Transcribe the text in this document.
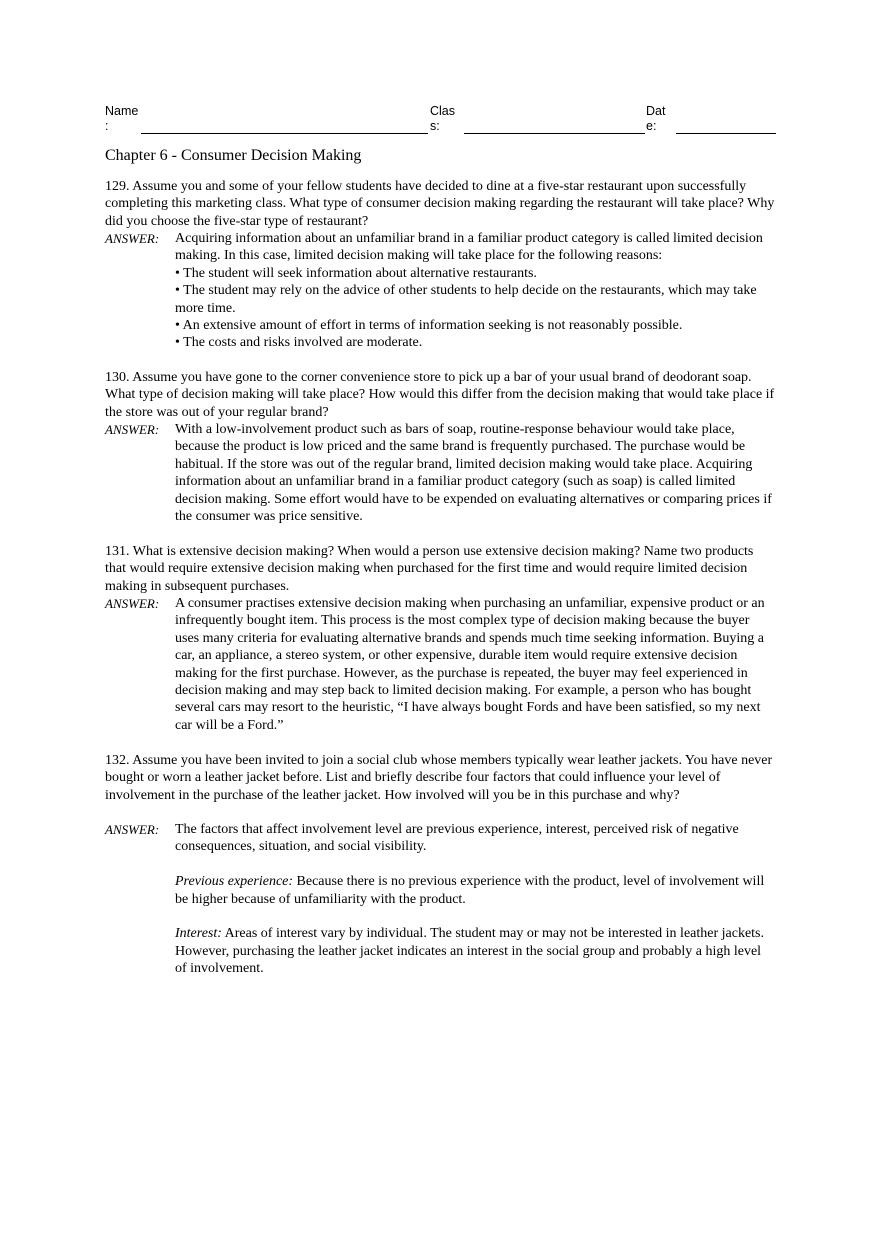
Name
:
Clas
s:
Dat
e:
Chapter 6 - Consumer Decision Making
129. Assume you and some of your fellow students have decided to dine at a five-star restaurant upon successfully completing this marketing class. What type of consumer decision making regarding the restaurant will take place? Why did you choose the five-star type of restaurant?
ANSWER: Acquiring information about an unfamiliar brand in a familiar product category is called limited decision making. In this case, limited decision making will take place for the following reasons:

• The student will seek information about alternative restaurants.
• The student may rely on the advice of other students to help decide on the restaurants, which may take more time.
• An extensive amount of effort in terms of information seeking is not reasonably possible.
• The costs and risks involved are moderate.
130. Assume you have gone to the corner convenience store to pick up a bar of your usual brand of deodorant soap. What type of decision making will take place? How would this differ from the decision making that would take place if the store was out of your regular brand?
ANSWER: With a low-involvement product such as bars of soap, routine-response behaviour would take place, because the product is low priced and the same brand is frequently purchased. The purchase would be habitual. If the store was out of the regular brand, limited decision making would take place. Acquiring information about an unfamiliar brand in a familiar product category (such as soap) is called limited decision making. Some effort would have to be expended on evaluating alternatives or comparing prices if the consumer was price sensitive.

131. What is extensive decision making? When would a person use extensive decision making? Name two products that would require extensive decision making when purchased for the first time and would require limited decision making in subsequent purchases.
ANSWER: A consumer practises extensive decision making when purchasing an unfamiliar, expensive product or an infrequently bought item. This process is the most complex type of decision making because the buyer uses many criteria for evaluating alternative brands and spends much time seeking information. Buying a car, an appliance, a stereo system, or other expensive, durable item would require extensive decision making for the first purchase. However, as the purchase is repeated, the buyer may feel experienced in decision making and may step back to limited decision making. For example, a person who has bought several cars may resort to the heuristic, “I have always bought Fords and have been satisfied, so my next car will be a Ford.”

132. Assume you have been invited to join a social club whose members typically wear leather jackets. You have never bought or worn a leather jacket before. List and briefly describe four factors that could influence your level of involvement in the purchase of the leather jacket. How involved will you be in this purchase and why?
ANSWER: The factors that affect involvement level are previous experience, interest, perceived risk of negative consequences, situation, and social visibility.

Previous experience: Because there is no previous experience with the product, level of involvement will be higher because of unfamiliarity with the product.

Interest: Areas of interest vary by individual. The student may or may not be interested in leather jackets. However, purchasing the leather jacket indicates an interest in the social group and probably a high level of involvement.
